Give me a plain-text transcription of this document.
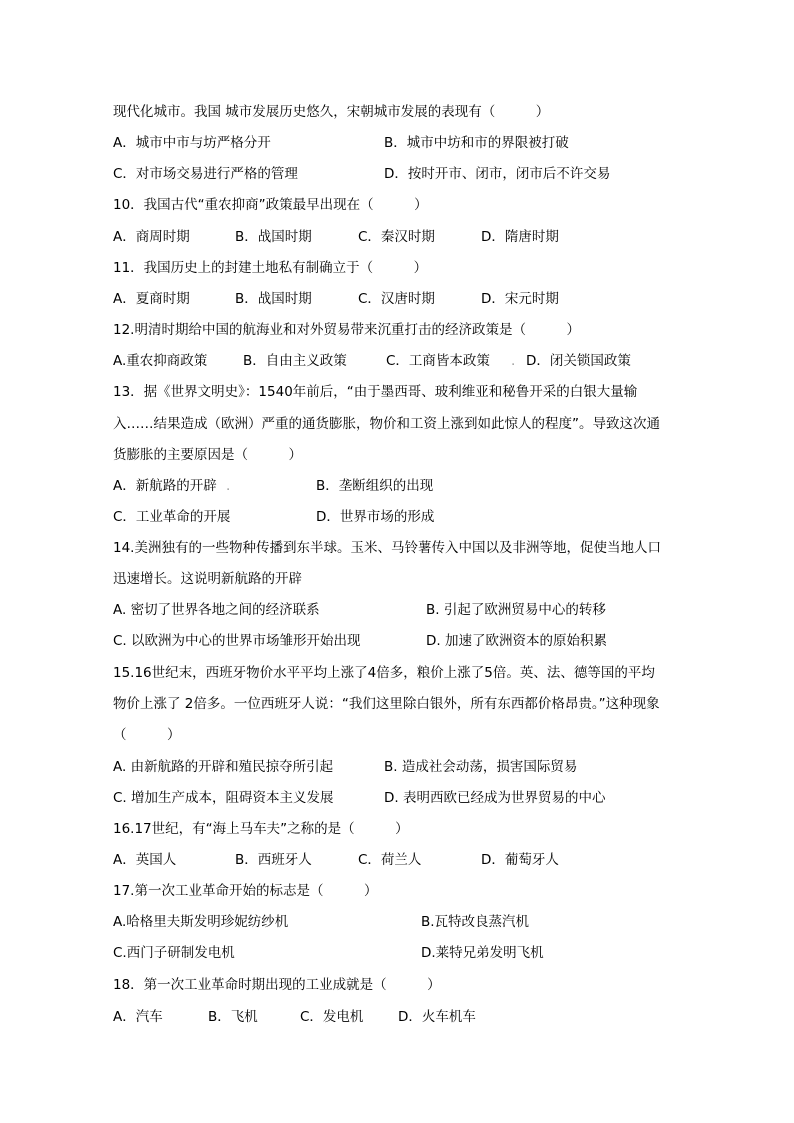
现代化城市。我国 城市发展历史悠久，宋朝城市发展的表现有（　　　）
A．城市中市与坊严格分开	B．城市中坊和市的界限被打破
C．对市场交易进行严格的管理	D．按时开市、闭市，闭市后不许交易
10．我国古代“重农抑商”政策最早出现在（　　　）
A．商周时期	B．战国时期	C．秦汉时期	D．隋唐时期
11．我国历史上的封建土地私有制确立于（　　　）
A．夏商时期	B．战国时期	C．汉唐时期	D．宋元时期
12.明清时期给中国的航海业和对外贸易带来沉重打击的经济政策是（　　　）
A.重农抑商政策	B．自由主义政策	C．工商皆本政策 . D．闭关锁国政策
13．据《世界文明史》：1540年前后，“由于墨西哥、玻利维亚和秘鲁开采的白银大量输
入……结果造成（欧洲）严重的通货膨胀，物价和工资上涨到如此惊人的程度”。导致这次通
货膨胀的主要原因是（　　　）
A．新航路的开辟 .	B．垄断组织的出现
C．工业革命的开展	D．世界市场的形成
14.美洲独有的一些物种传播到东半球。玉米、马铃薯传入中国以及非洲等地，促使当地人口
迅速增长。这说明新航路的开辟
A. 密切了世界各地之间的经济联系	B. 引起了欧洲贸易中心的转移
C. 以欧洲为中心的世界市场雏形开始出现	D. 加速了欧洲资本的原始积累
15.16世纪末，西班牙物价水平平均上涨了4倍多，粮价上涨了5倍。英、法、德等国的平均
物价上涨了 2倍多。一位西班牙人说：“我们这里除白银外，所有东西都价格昂贵。”这种现象
（　　　）
A. 由新航路的开辟和殖民掠夺所引起	B. 造成社会动荡，损害国际贸易
C. 增加生产成本，阻碍资本主义发展	D. 表明西欧已经成为世界贸易的中心
16.17世纪，有“海上马车夫”之称的是（　　　）
A．英国人	B．西班牙人	C．荷兰人	D．葡萄牙人
17.第一次工业革命开始的标志是（　　　）
A.哈格里夫斯发明珍妮纺纱机	B.瓦特改良蒸汽机
C.西门子研制发电机	D.莱特兄弟发明飞机
18．第一次工业革命时期出现的工业成就是（　　　）
A．汽车	B．飞机	C．发电机	D．火车机车
